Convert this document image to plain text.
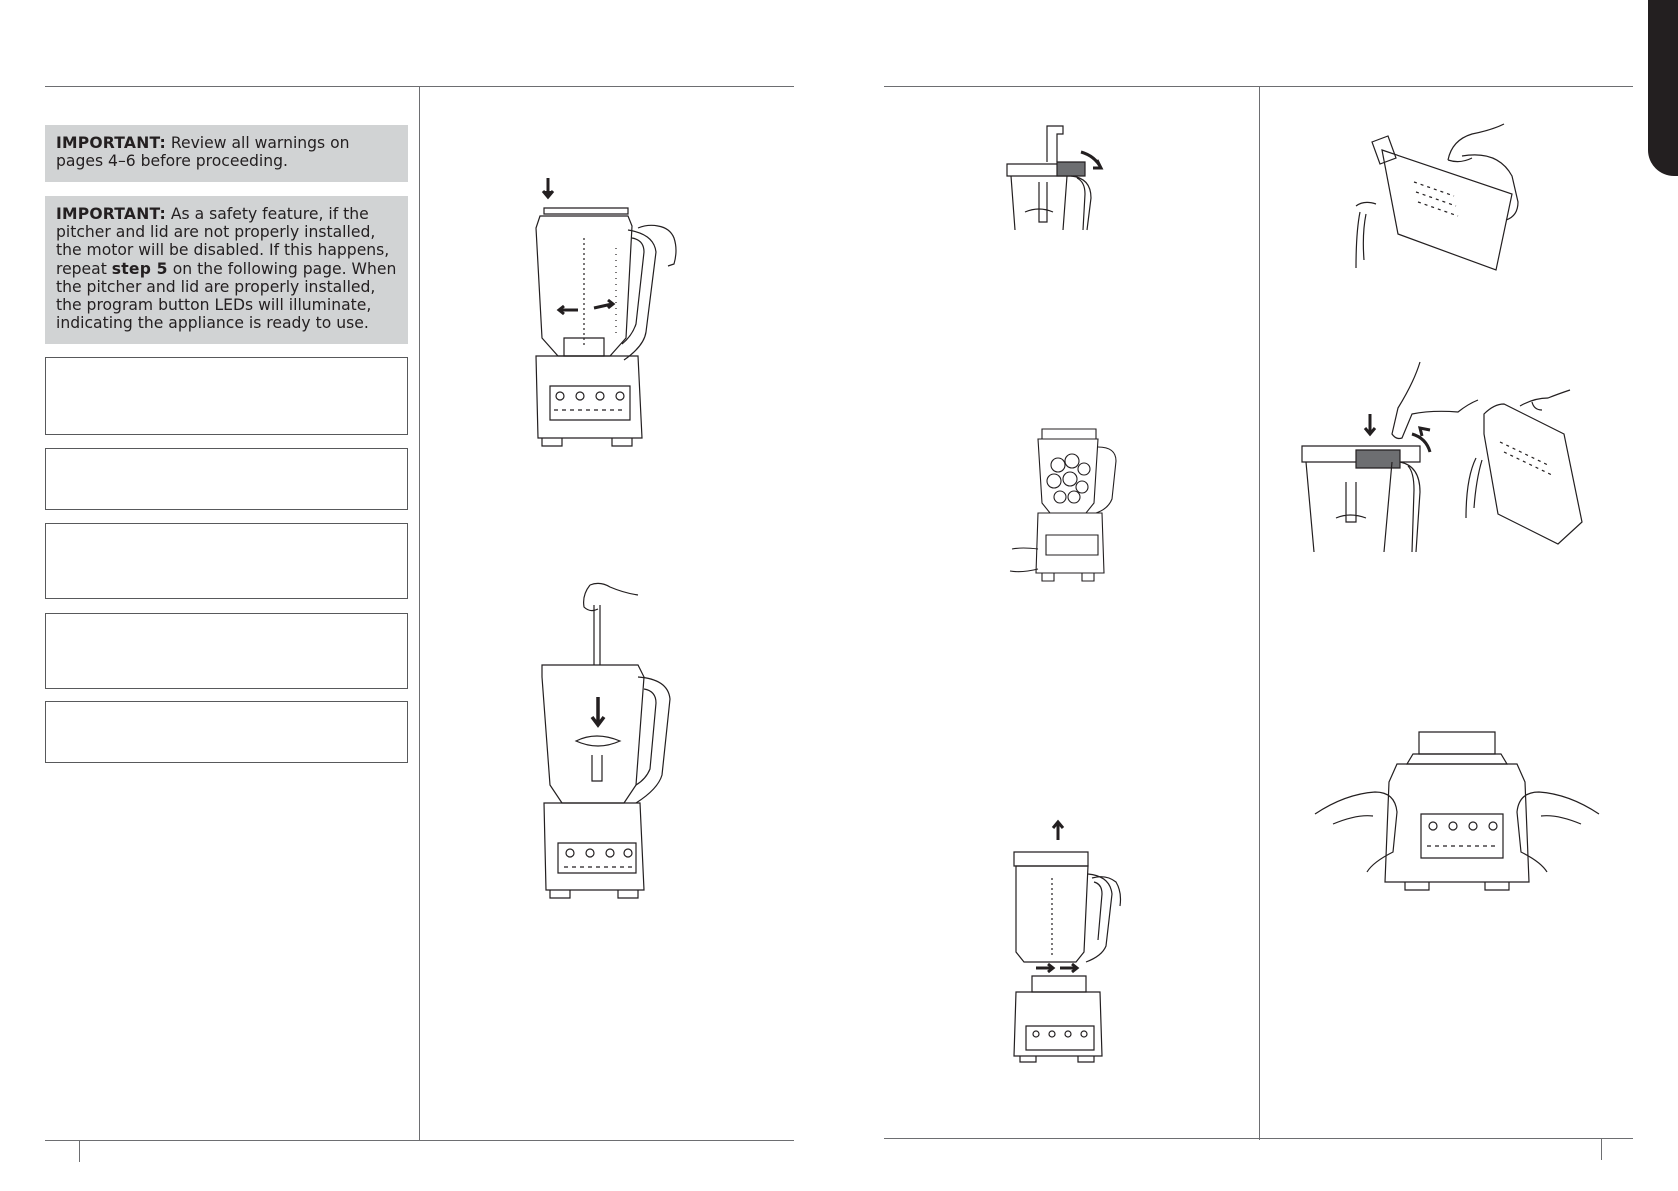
IMPORTANT: Review all warnings on pages 4–6 before proceeding.
IMPORTANT: As a safety feature, if the pitcher and lid are not properly installed, the motor will be disabled. If this happens, repeat step 5 on the following page. When the pitcher and lid are properly installed, the program button LEDs will illuminate, indicating the appliance is ready to use.
